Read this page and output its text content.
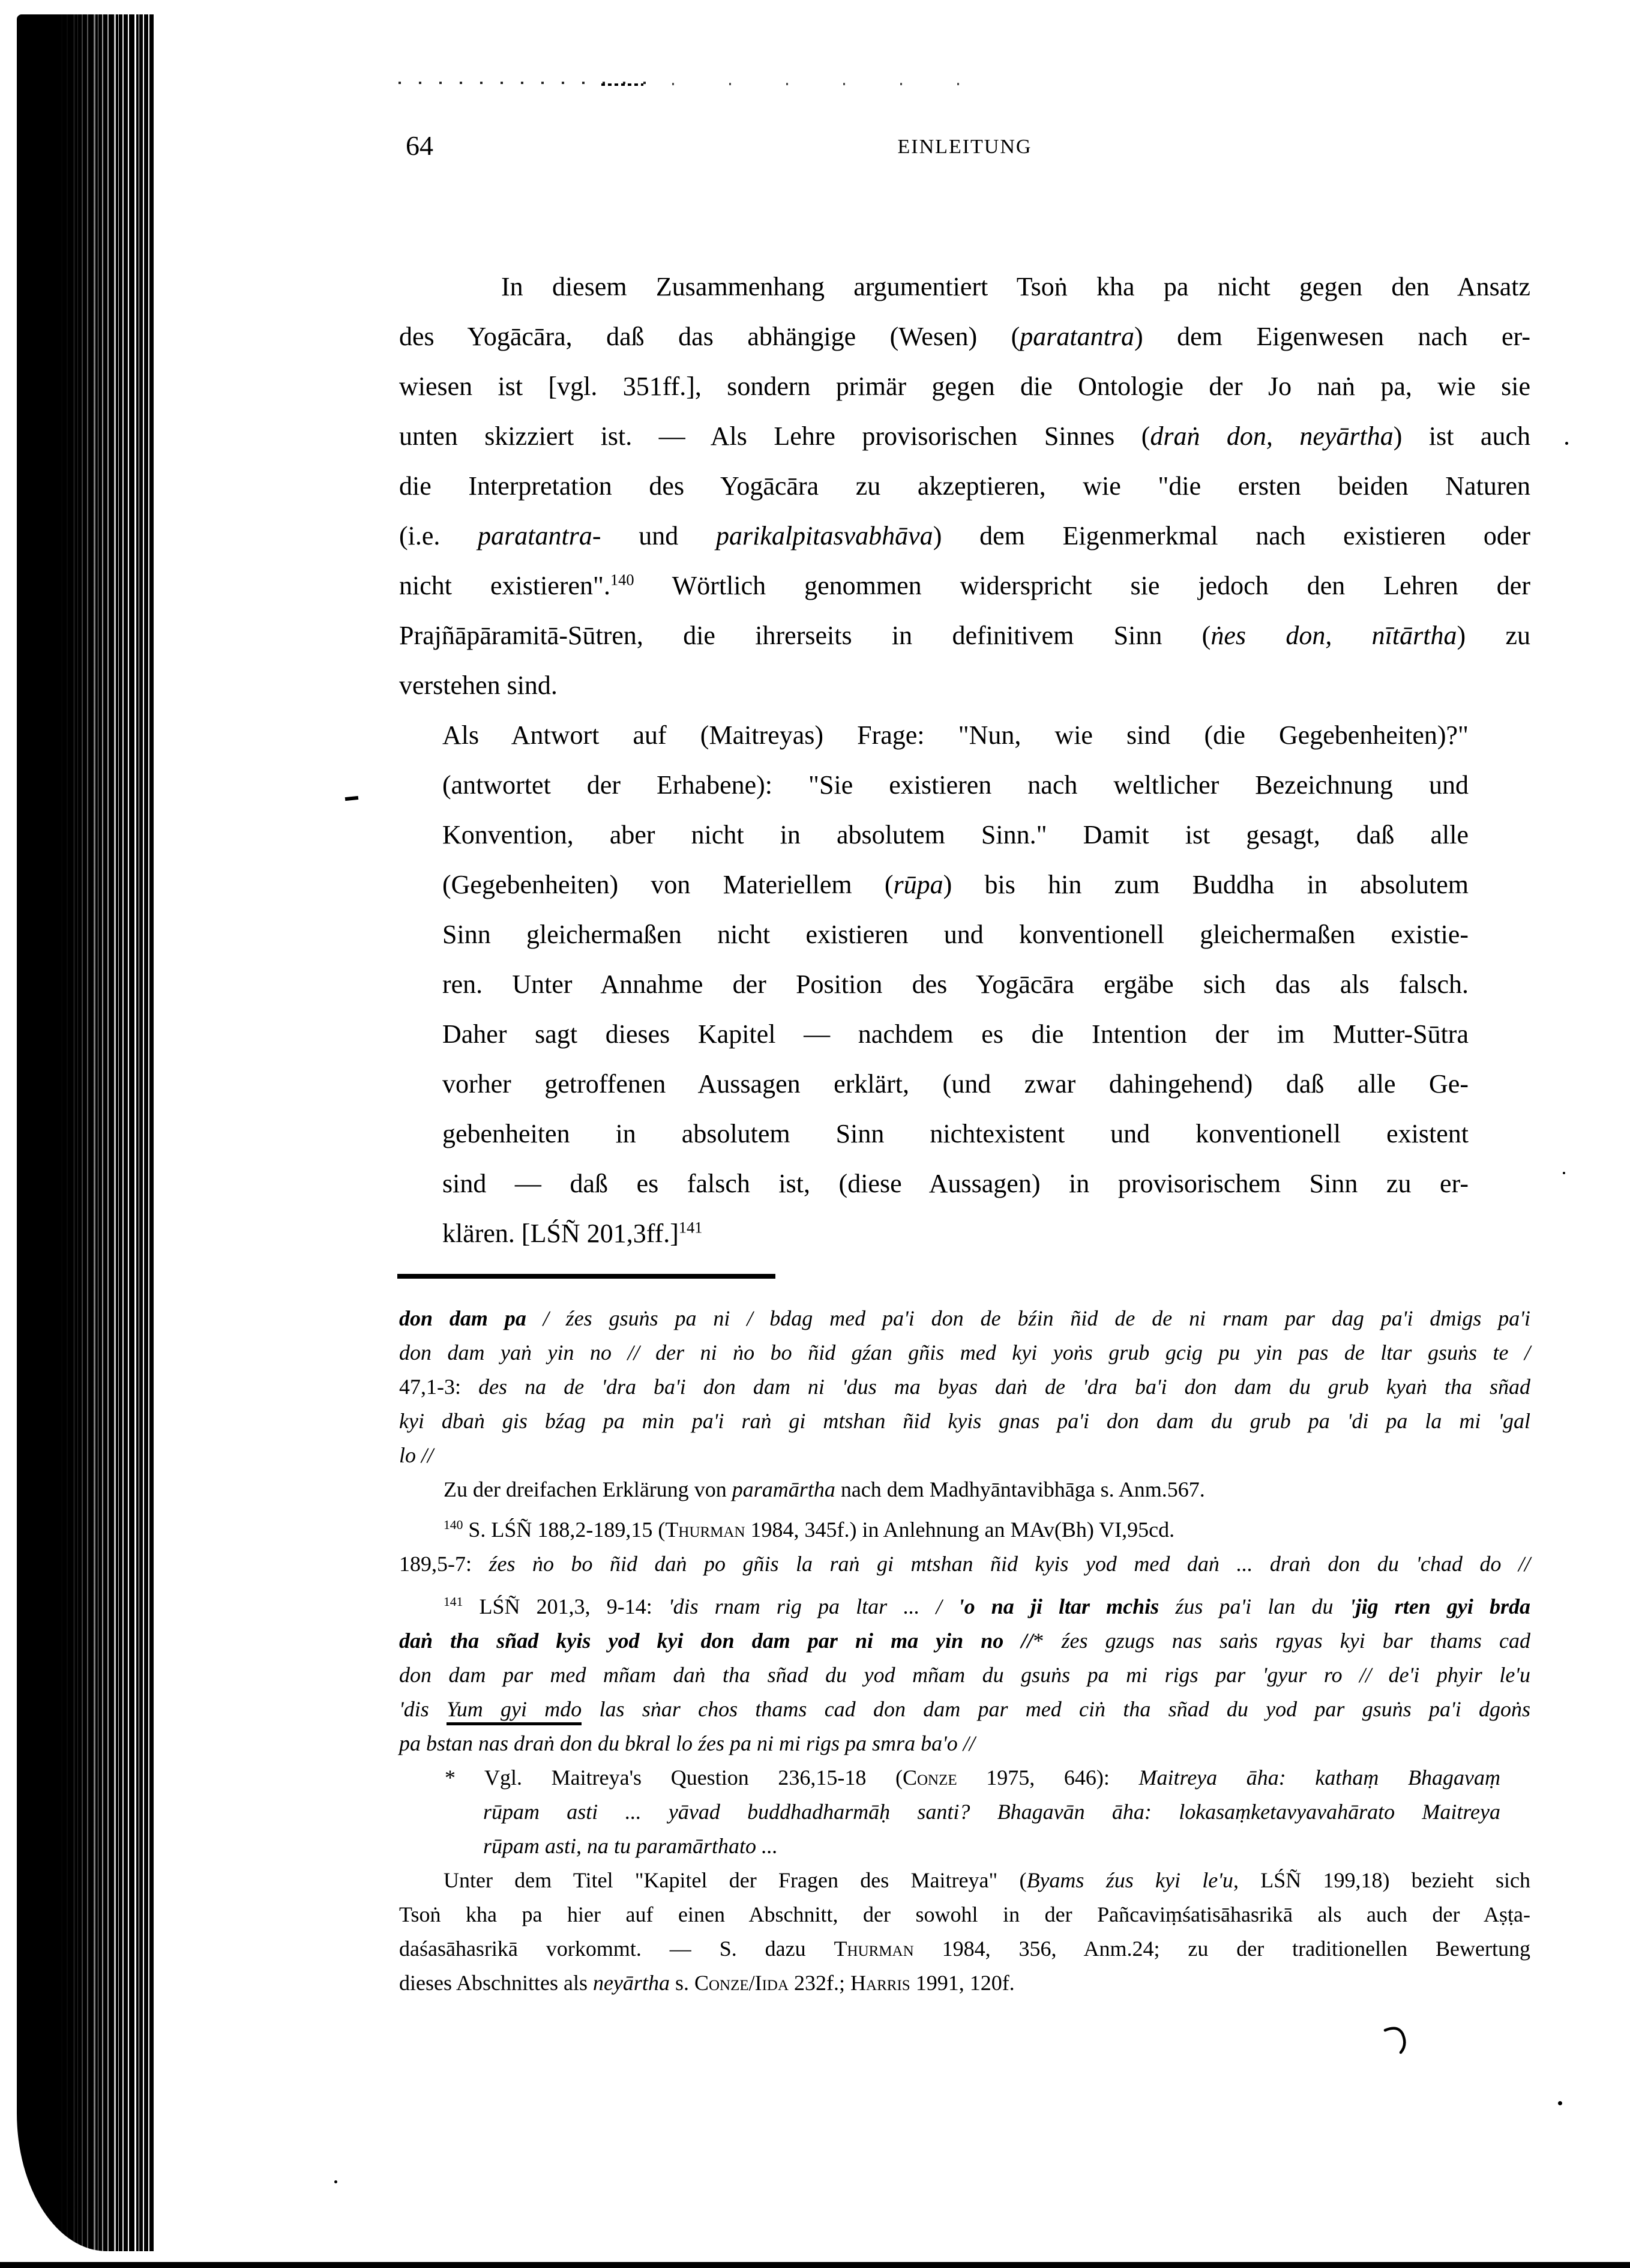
64	EINLEITUNG
In diesem Zusammenhang argumentiert Tsoṅ kha pa nicht gegen den Ansatz
des Yogācāra, daß das abhängige (Wesen) (paratantra) dem Eigenwesen nach er-
wiesen ist [vgl. 351ff.], sondern primär gegen die Ontologie der Jo naṅ pa, wie sie
unten skizziert ist. — Als Lehre provisorischen Sinnes (draṅ don, neyārtha) ist auch
die Interpretation des Yogācāra zu akzeptieren, wie "die ersten beiden Naturen
(i.e. paratantra- und parikalpitasvabhāva) dem Eigenmerkmal nach existieren oder
nicht existieren".$^{140}$ Wörtlich genommen widerspricht sie jedoch den Lehren der
Prajñāpāramitā-Sūtren, die ihrerseits in definitivem Sinn (ṅes don, nītārtha) zu
verstehen sind.
Als Antwort auf (Maitreyas) Frage: "Nun, wie sind (die Gegebenheiten)?"
(antwortet der Erhabene): "Sie existieren nach weltlicher Bezeichnung und
Konvention, aber nicht in absolutem Sinn." Damit ist gesagt, daß alle
(Gegebenheiten) von Materiellem (rūpa) bis hin zum Buddha in absolutem
Sinn gleichermaßen nicht existieren und konventionell gleichermaßen existie-
ren. Unter Annahme der Position des Yogācāra ergäbe sich das als falsch.
Daher sagt dieses Kapitel — nachdem es die Intention der im Mutter-Sūtra
vorher getroffenen Aussagen erklärt, (und zwar dahingehend) daß alle Ge-
gebenheiten in absolutem Sinn nichtexistent und konventionell existent
sind — daß es falsch ist, (diese Aussagen) in provisorischem Sinn zu er-
klären. [LŚÑ 201,3ff.]$^{141}$
don dam pa / źes gsuṅs pa ni / bdag med pa'i don de bźin ñid de de ni rnam par dag pa'i dmigs pa'i
don dam yaṅ yin no // der ni ṅo bo ñid gźan gñis med kyi yoṅs grub gcig pu yin pas de ltar gsuṅs te /
47,1-3: des na de 'dra ba'i don dam ni 'dus ma byas daṅ de 'dra ba'i don dam du grub kyaṅ tha sñad
kyi dbaṅ gis bźag pa min pa'i raṅ gi mtshan ñid kyis gnas pa'i don dam du grub pa 'di pa la mi 'gal
lo //
Zu der dreifachen Erklärung von paramārtha nach dem Madhyāntavibhāga s. Anm.567.
$^{140}$ S. LŚÑ 188,2-189,15 (Thurman 1984, 345f.) in Anlehnung an MAv(Bh) VI,95cd.
189,5-7: źes ṅo bo ñid daṅ po gñis la raṅ gi mtshan ñid kyis yod med daṅ ... draṅ don du 'chad do //
$^{141}$ LŚÑ 201,3, 9-14: 'dis rnam rig pa ltar ... / 'o na ji ltar mchis źus pa'i lan du 'jig rten gyi brda
daṅ tha sñad kyis yod kyi don dam par ni ma yin no //* źes gzugs nas saṅs rgyas kyi bar thams cad
don dam par med mñam daṅ tha sñad du yod mñam du gsuṅs pa mi rigs par 'gyur ro // de'i phyir le'u
'dis Yum gyi mdo las sṅar chos thams cad don dam par med ciṅ tha sñad du yod par gsuṅs pa'i dgoṅs
pa bstan nas draṅ don du bkral lo źes pa ni mi rigs pa smra ba'o //
* Vgl. Maitreya's Question 236,15-18 (Conze 1975, 646): Maitreya āha: kathaṃ Bhagavaṃ
rūpam asti ... yāvad buddhadharmāḥ santi? Bhagavān āha: lokasaṃketavyavahārato Maitreya
rūpam asti, na tu paramārthato ...
Unter dem Titel "Kapitel der Fragen des Maitreya" (Byams źus kyi le'u, LŚÑ 199,18) bezieht sich
Tsoṅ kha pa hier auf einen Abschnitt, der sowohl in der Pañcaviṃśatisāhasrikā als auch der Aṣṭa-
daśasāhasrikā vorkommt. — S. dazu Thurman 1984, 356, Anm.24; zu der traditionellen Bewertung
dieses Abschnittes als neyārtha s. Conze/Iida 232f.; Harris 1991, 120f.
